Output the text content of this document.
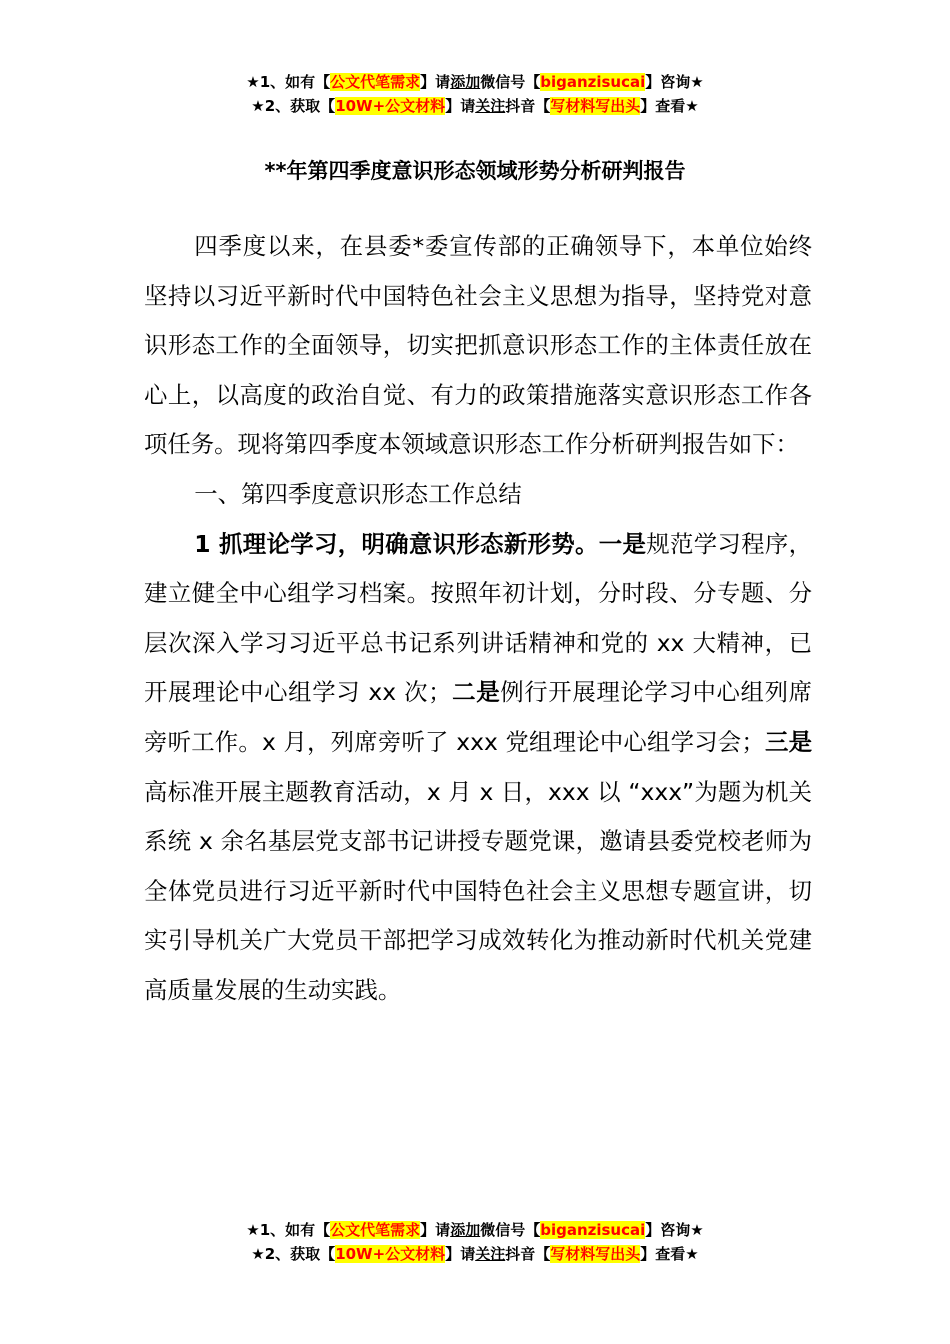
★1、如有【公文代笔需求】请添加微信号【biganzisucai】咨询★
★2、获取【10W+公文材料】请关注抖音【写材料写出头】查看★
**年第四季度意识形态领域形势分析研判报告

四季度以来，在县委*委宣传部的正确领导下，本单位始终坚持以习近平新时代中国特色社会主义思想为指导，坚持党对意识形态工作的全面领导，切实把抓意识形态工作的主体责任放在心上，以高度的政治自觉、有力的政策措施落实意识形态工作各项任务。现将第四季度本领域意识形态工作分析研判报告如下：

一、第四季度意识形态工作总结

1 抓理论学习，明确意识形态新形势。一是规范学习程序，建立健全中心组学习档案。按照年初计划，分时段、分专题、分层次深入学习习近平总书记系列讲话精神和党的 xx 大精神，已开展理论中心组学习 xx 次；二是例行开展理论学习中心组列席旁听工作。x 月，列席旁听了 xxx 党组理论中心组学习会；三是高标准开展主题教育活动，x 月 x 日，xxx 以 “xxx”为题为机关系统 x 余名基层党支部书记讲授专题党课，邀请县委党校老师为全体党员进行习近平新时代中国特色社会主义思想专题宣讲，切实引导机关广大党员干部把学习成效转化为推动新时代机关党建高质量发展的生动实践。

★1、如有【公文代笔需求】请添加微信号【biganzisucai】咨询★
★2、获取【10W+公文材料】请关注抖音【写材料写出头】查看★
